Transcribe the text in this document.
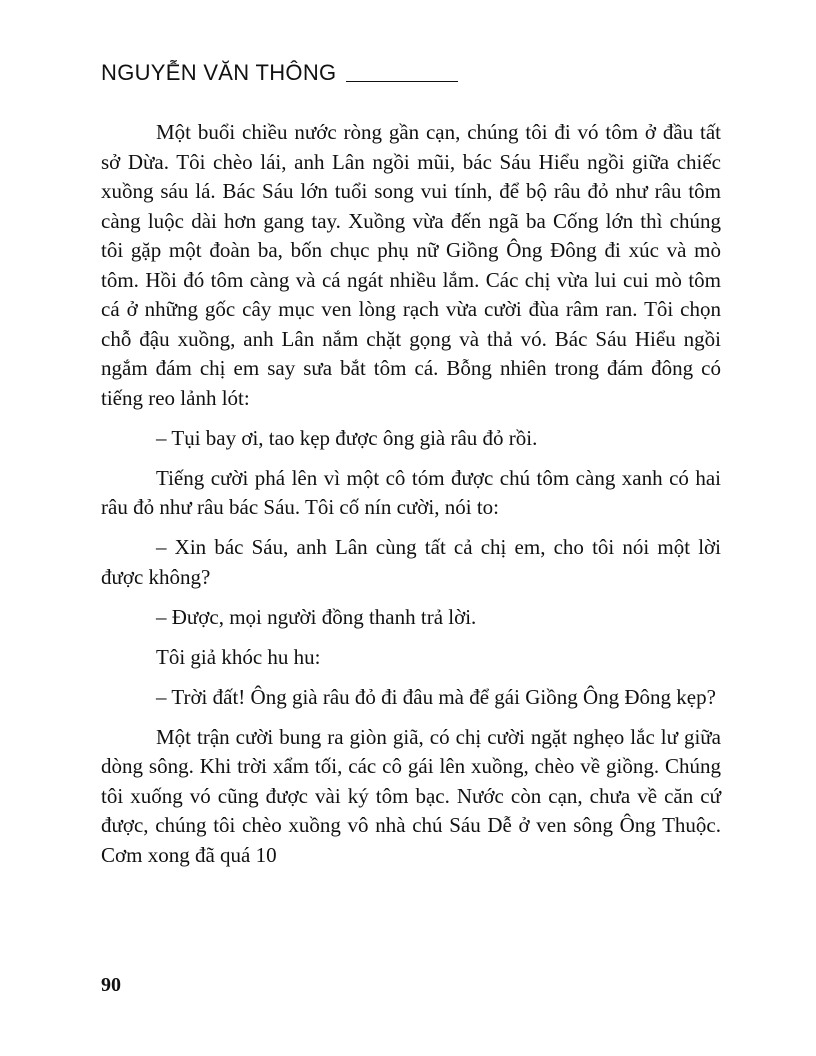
NGUYỄN VĂN THÔNG

Một buổi chiều nước ròng gần cạn, chúng tôi đi vó tôm ở đầu tất sở Dừa. Tôi chèo lái, anh Lân ngồi mũi, bác Sáu Hiểu ngồi giữa chiếc xuồng sáu lá. Bác Sáu lớn tuổi song vui tính, để bộ râu đỏ như râu tôm càng luộc dài hơn gang tay. Xuồng vừa đến ngã ba Cống lớn thì chúng tôi gặp một đoàn ba, bốn chục phụ nữ Giồng Ông Đông đi xúc và mò tôm. Hồi đó tôm càng và cá ngát nhiều lắm. Các chị vừa lui cui mò tôm cá ở những gốc cây mục ven lòng rạch vừa cười đùa râm ran. Tôi chọn chỗ đậu xuồng, anh Lân nắm chặt gọng và thả vó. Bác Sáu Hiểu ngồi ngắm đám chị em say sưa bắt tôm cá. Bỗng nhiên trong đám đông có tiếng reo lảnh lót:

– Tụi bay ơi, tao kẹp được ông già râu đỏ rồi.

Tiếng cười phá lên vì một cô tóm được chú tôm càng xanh có hai râu đỏ như râu bác Sáu. Tôi cố nín cười, nói to:

– Xin bác Sáu, anh Lân cùng tất cả chị em, cho tôi nói một lời được không?

– Được, mọi người đồng thanh trả lời.

Tôi giả khóc hu hu:

– Trời đất! Ông già râu đỏ đi đâu mà để gái Giồng Ông Đông kẹp?

Một trận cười bung ra giòn giã, có chị cười ngặt nghẹo lắc lư giữa dòng sông. Khi trời xẩm tối, các cô gái lên xuồng, chèo về giồng. Chúng tôi xuống vó cũng được vài ký tôm bạc. Nước còn cạn, chưa về căn cứ được, chúng tôi chèo xuồng vô nhà chú Sáu Dễ ở ven sông Ông Thuộc. Cơm xong đã quá 10

90
